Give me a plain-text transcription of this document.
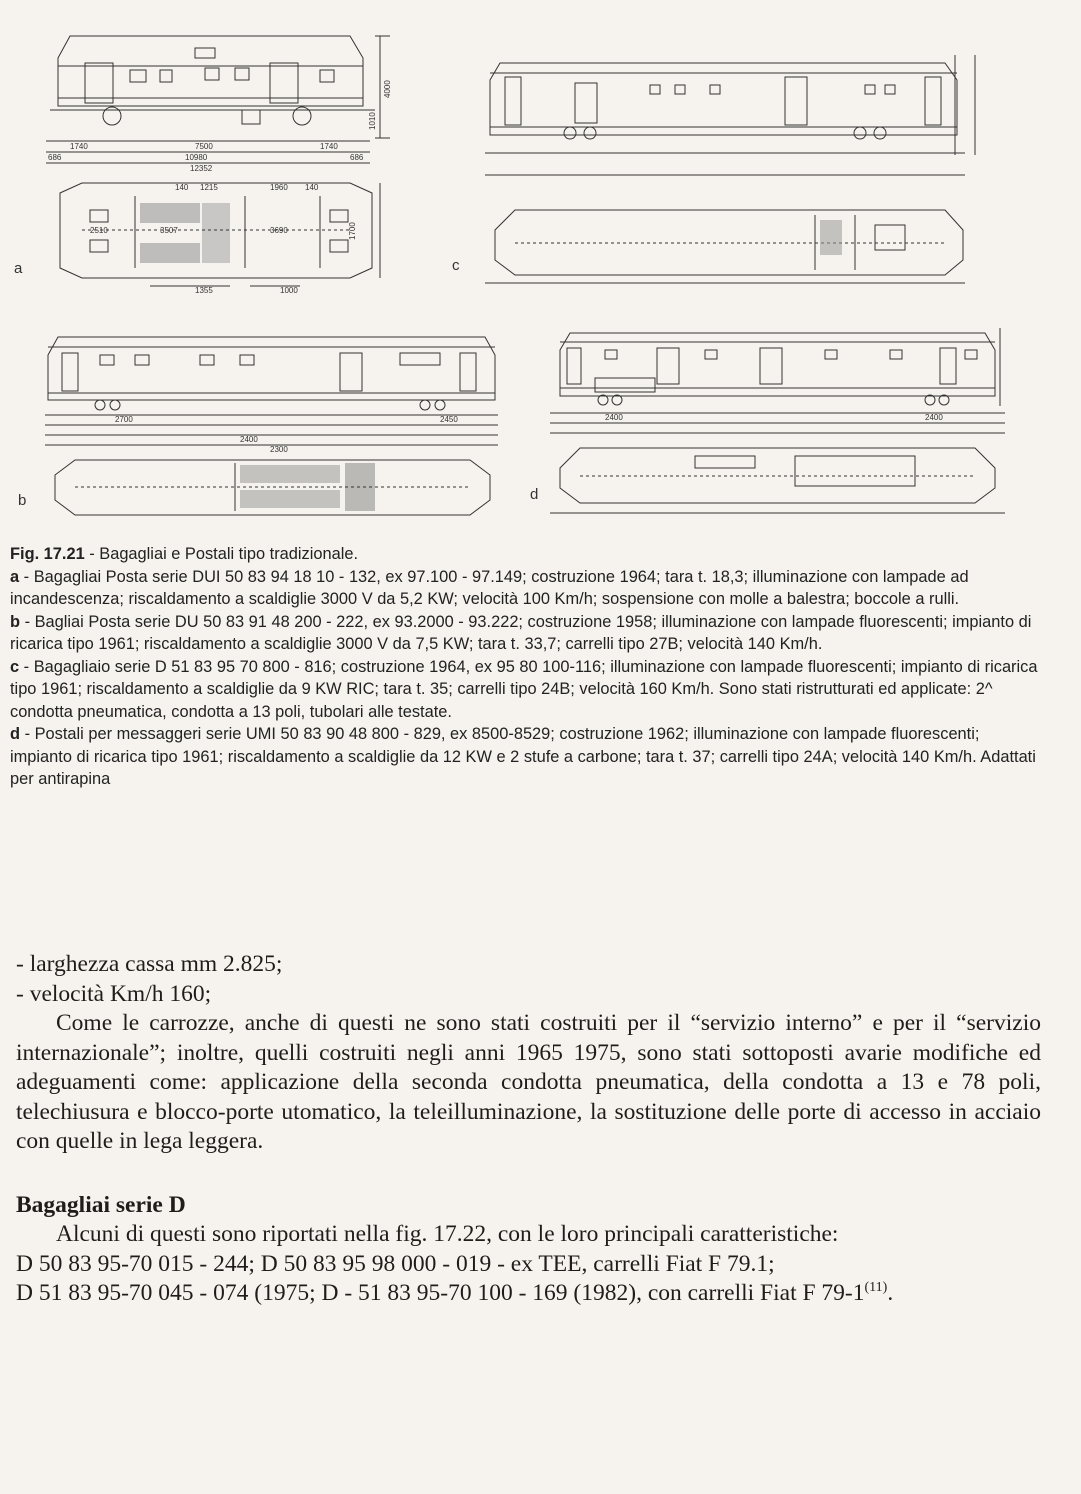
1740	7500	1740
686	10980	686
12352
4000
1010
140 1215	1960 140
2510	3507	3690	1700
1355	1000
a	c
2700	2450
2400
2300
b
2400	2400
d

Fig. 17.21 - Bagagliai e Postali tipo tradizionale.

a - Bagagliai Posta serie DUI 50 83 94 18 10 - 132, ex 97.100 - 97.149; costruzione 1964; tara t. 18,3; illuminazione con lampade ad incandescenza; riscaldamento a scaldiglie 3000 V da 5,2 KW; velocità 100 Km/h; sospensione con molle a balestra; boccole a rulli.

b - Bagliai Posta serie DU 50 83 91 48 200 - 222, ex 93.2000 - 93.222; costruzione 1958; illuminazione con lampade fluorescenti; impianto di ricarica tipo 1961; riscaldamento a scaldiglie 3000 V da 7,5 KW; tara t. 33,7; carrelli tipo 27B; velocità 140 Km/h.

c - Bagagliaio serie D 51 83 95 70 800 - 816; costruzione 1964, ex 95 80 100-116; illuminazione con lampade fluorescenti; impianto di ricarica tipo 1961; riscaldamento a scaldiglie da 9 KW RIC; tara t. 35; carrelli tipo 24B; velocità 160 Km/h. Sono stati ristrutturati ed applicate: 2^ condotta pneumatica, condotta a 13 poli, tubolari alle testate.

d - Postali per messaggeri serie UMI 50 83 90 48 800 - 829, ex 8500-8529; costruzione 1962; illuminazione con lampade fluorescenti; impianto di ricarica tipo 1961; riscaldamento a scaldiglie da 12 KW e 2 stufe a carbone; tara t. 37; carrelli tipo 24A; velocità 140 Km/h. Adattati per antirapina

- larghezza cassa mm 2.825;

- velocità Km/h 160;

Come le carrozze, anche di questi ne sono stati costruiti per il “servizio interno” e per il “servizio internazionale”; inoltre, quelli costruiti negli anni 1965 1975, sono stati sottoposti avarie modifiche ed adeguamenti come: applicazione della seconda condotta pneumatica, della condotta a 13 e 78 poli, telechiusura e blocco-porte utomatico, la teleilluminazione, la sostituzione delle porte di accesso in acciaio con quelle in lega leggera.

Bagagliai serie D

Alcuni di questi sono riportati nella fig. 17.22, con le loro principali caratteristiche:

D 50 83 95-70 015 - 244; D 50 83 95 98 000 - 019 - ex TEE, carrelli Fiat F 79.1;

D 51 83 95-70 045 - 074 (1975; D - 51 83 95-70 100 - 169 (1982), con carrelli Fiat F 79-1$^{(11)}$.
